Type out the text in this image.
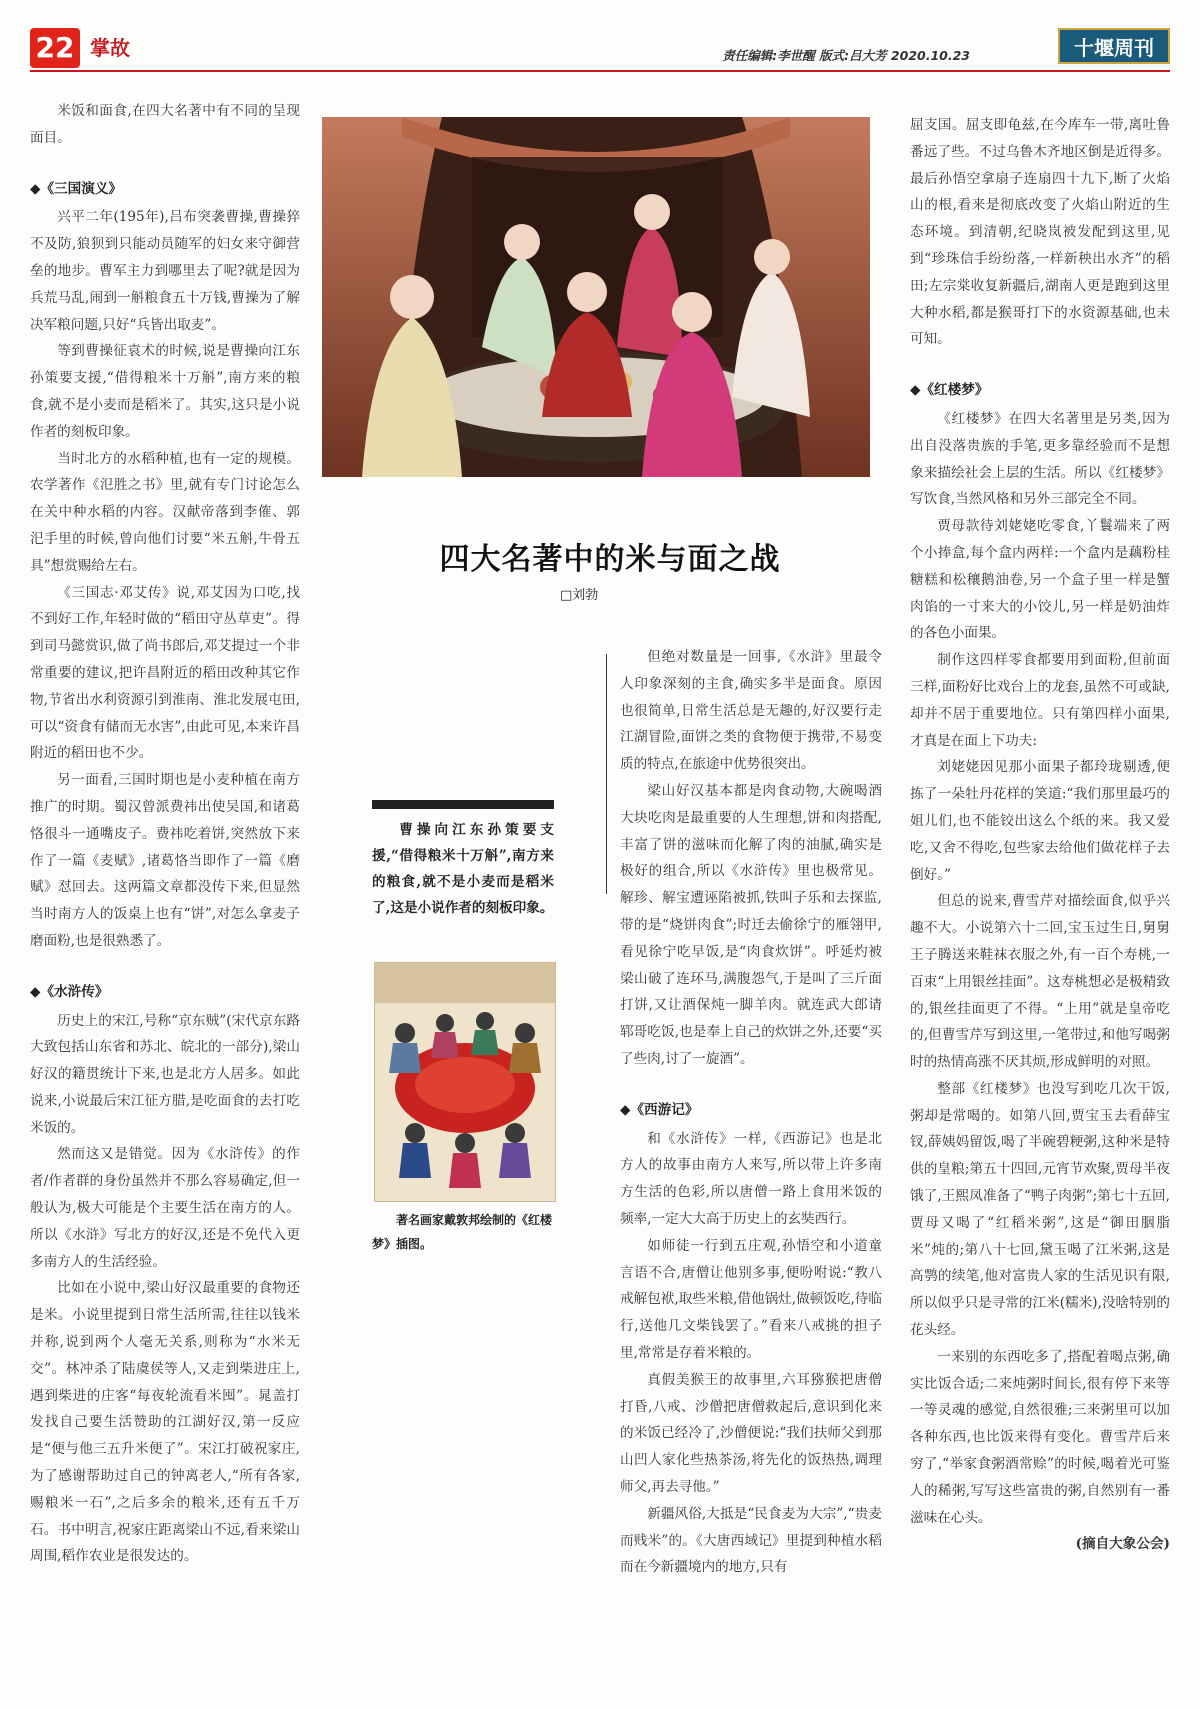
22 掌故	责任编辑:李世醒 版式:吕大芳 2020.10.23	十堰周刊

米饭和面食,在四大名著中有不同的呈现面目。

◆《三国演义》

兴平二年(195年),吕布突袭曹操,曹操猝不及防,狼狈到只能动员随军的妇女来守御营垒的地步。曹军主力到哪里去了呢?就是因为兵荒马乱,闹到一斛粮食五十万钱,曹操为了解决军粮问题,只好“兵皆出取麦”。

等到曹操征袁术的时候,说是曹操向江东孙策要支援,“借得粮米十万斛”,南方来的粮食,就不是小麦而是稻米了。其实,这只是小说作者的刻板印象。

当时北方的水稻种植,也有一定的规模。农学著作《氾胜之书》里,就有专门讨论怎么在关中种水稻的内容。汉献帝落到李傕、郭汜手里的时候,曾向他们讨要“米五斛,牛骨五具”想赏赐给左右。

《三国志·邓艾传》说,邓艾因为口吃,找不到好工作,年轻时做的“稻田守丛草吏”。得到司马懿赏识,做了尚书郎后,邓艾提过一个非常重要的建议,把许昌附近的稻田改种其它作物,节省出水利资源引到淮南、淮北发展屯田,可以“资食有储而无水害”,由此可见,本来许昌附近的稻田也不少。

另一面看,三国时期也是小麦种植在南方推广的时期。蜀汉曾派费祎出使吴国,和诸葛恪很斗一通嘴皮子。费祎吃着饼,突然放下来作了一篇《麦赋》,诸葛恪当即作了一篇《磨赋》怼回去。这两篇文章都没传下来,但显然当时南方人的饭桌上也有“饼”,对怎么拿麦子磨面粉,也是很熟悉了。

◆《水浒传》

历史上的宋江,号称“京东贼”(宋代京东路大致包括山东省和苏北、皖北的一部分),梁山好汉的籍贯统计下来,也是北方人居多。如此说来,小说最后宋江征方腊,是吃面食的去打吃米饭的。

然而这又是错觉。因为《水浒传》的作者/作者群的身份虽然并不那么容易确定,但一般认为,极大可能是个主要生活在南方的人。所以《水浒》写北方的好汉,还是不免代入更多南方人的生活经验。

比如在小说中,梁山好汉最重要的食物还是米。小说里提到日常生活所需,往往以钱米并称,说到两个人毫无关系,则称为“水米无交”。林冲杀了陆虞侯等人,又走到柴进庄上,遇到柴进的庄客“每夜轮流看米囤”。晁盖打发找自己要生活赞助的江湖好汉,第一反应是“便与他三五升米便了”。宋江打破祝家庄,为了感谢帮助过自己的钟离老人,“所有各家,赐粮米一石”,之后多余的粮米,还有五千万石。书中明言,祝家庄距离梁山不远,看来梁山周围,稻作农业是很发达的。

四大名著中的米与面之战
□刘勃

曹操向江东孙策要支援,“借得粮米十万斛”,南方来的粮食,就不是小麦而是稻米了,这是小说作者的刻板印象。

著名画家戴敦邦绘制的《红楼梦》插图。

但绝对数量是一回事,《水浒》里最令人印象深刻的主食,确实多半是面食。原因也很简单,日常生活总是无趣的,好汉要行走江湖冒险,面饼之类的食物便于携带,不易变质的特点,在旅途中优势很突出。

梁山好汉基本都是肉食动物,大碗喝酒大块吃肉是最重要的人生理想,饼和肉搭配,丰富了饼的滋味而化解了肉的油腻,确实是极好的组合,所以《水浒传》里也极常见。解珍、解宝遭诬陷被抓,铁叫子乐和去探监,带的是“烧饼肉食”;时迁去偷徐宁的雁翎甲,看见徐宁吃早饭,是“肉食炊饼”。呼延灼被梁山破了连环马,满腹怨气,于是叫了三斤面打饼,又让酒保炖一脚羊肉。就连武大郎请郓哥吃饭,也是奉上自己的炊饼之外,还要“买了些肉,讨了一旋酒”。

◆《西游记》

和《水浒传》一样,《西游记》也是北方人的故事由南方人来写,所以带上许多南方生活的色彩,所以唐僧一路上食用米饭的频率,一定大大高于历史上的玄奘西行。

如师徒一行到五庄观,孙悟空和小道童言语不合,唐僧让他别多事,便吩咐说:“教八戒解包袱,取些米粮,借他锅灶,做顿饭吃,待临行,送他几文柴钱罢了。”看来八戒挑的担子里,常常是存着米粮的。

真假美猴王的故事里,六耳猕猴把唐僧打昏,八戒、沙僧把唐僧救起后,意识到化来的米饭已经冷了,沙僧便说:“我们扶师父到那山凹人家化些热茶汤,将先化的饭热热,调理师父,再去寻他。”

新疆风俗,大抵是“民食麦为大宗”,“贵麦而贱米”的。《大唐西域记》里提到种植水稻而在今新疆境内的地方,只有

屈支国。屈支即龟兹,在今库车一带,离吐鲁番远了些。不过乌鲁木齐地区倒是近得多。最后孙悟空拿扇子连扇四十九下,断了火焰山的根,看来是彻底改变了火焰山附近的生态环境。到清朝,纪晓岚被发配到这里,见到“珍珠信手纷纷落,一样新秧出水齐”的稻田;左宗棠收复新疆后,湖南人更是跑到这里大种水稻,都是猴哥打下的水资源基础,也未可知。

◆《红楼梦》

《红楼梦》在四大名著里是另类,因为出自没落贵族的手笔,更多靠经验而不是想象来描绘社会上层的生活。所以《红楼梦》写饮食,当然风格和另外三部完全不同。

贾母款待刘姥姥吃零食,丫鬟端来了两个小捧盒,每个盒内两样:一个盒内是藕粉桂糖糕和松穰鹅油卷,另一个盒子里一样是蟹肉馅的一寸来大的小饺儿,另一样是奶油炸的各色小面果。

制作这四样零食都要用到面粉,但前面三样,面粉好比戏台上的龙套,虽然不可或缺,却并不居于重要地位。只有第四样小面果,才真是在面上下功夫:

刘姥姥因见那小面果子都玲珑剔透,便拣了一朵牡丹花样的笑道:“我们那里最巧的姐儿们,也不能铰出这么个纸的来。我又爱吃,又舍不得吃,包些家去给他们做花样子去倒好。”

但总的说来,曹雪芹对描绘面食,似乎兴趣不大。小说第六十二回,宝玉过生日,舅舅王子腾送来鞋袜衣服之外,有一百个寿桃,一百束“上用银丝挂面”。这寿桃想必是极精致的,银丝挂面更了不得。“上用”就是皇帝吃的,但曹雪芹写到这里,一笔带过,和他写喝粥时的热情高涨不厌其烦,形成鲜明的对照。

整部《红楼梦》也没写到吃几次干饭,粥却是常喝的。如第八回,贾宝玉去看薛宝钗,薛姨妈留饭,喝了半碗碧粳粥,这种米是特供的皇粮;第五十四回,元宵节欢聚,贾母半夜饿了,王熙凤准备了“鸭子肉粥”;第七十五回,贾母又喝了“红稻米粥”,这是“御田胭脂米”炖的;第八十七回,黛玉喝了江米粥,这是高鹗的续笔,他对富贵人家的生活见识有限,所以似乎只是寻常的江米(糯米),没啥特别的花头经。

一来别的东西吃多了,搭配着喝点粥,确实比饭合适;二来炖粥时间长,很有停下来等一等灵魂的感觉,自然很雅;三来粥里可以加各种东西,也比饭来得有变化。曹雪芹后来穷了,“举家食粥酒常赊”的时候,喝着光可鉴人的稀粥,写写这些富贵的粥,自然别有一番滋味在心头。

(摘自大象公会)
